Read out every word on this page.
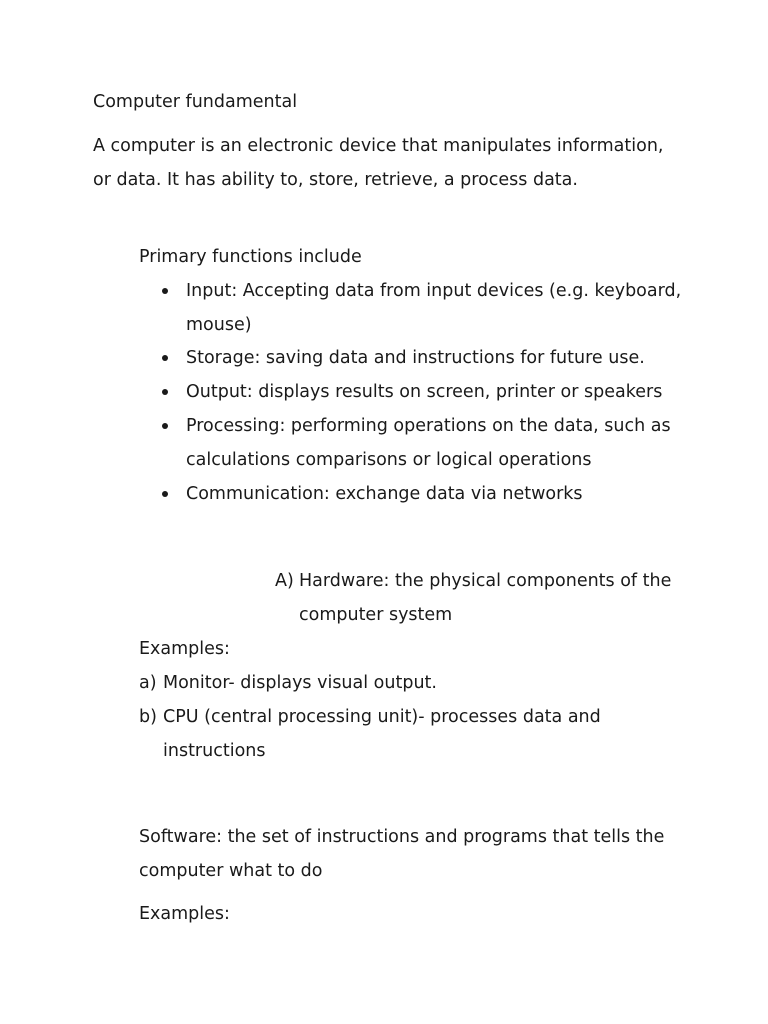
Computer fundamental
A computer is an electronic device that manipulates information,
or data. It has ability to, store, retrieve, a process data.
Primary functions include
Input: Accepting data from input devices (e.g. keyboard,
mouse)
Storage: saving data and instructions for future use.
Output: displays results on screen, printer or speakers
Processing: performing operations on the data, such as
calculations comparisons or logical operations
Communication: exchange data via networks
A) Hardware: the physical components of the
computer system
Examples:
a) Monitor- displays visual output.
b) CPU (central processing unit)- processes data and
instructions
Software: the set of instructions and programs that tells the
computer what to do
Examples:
